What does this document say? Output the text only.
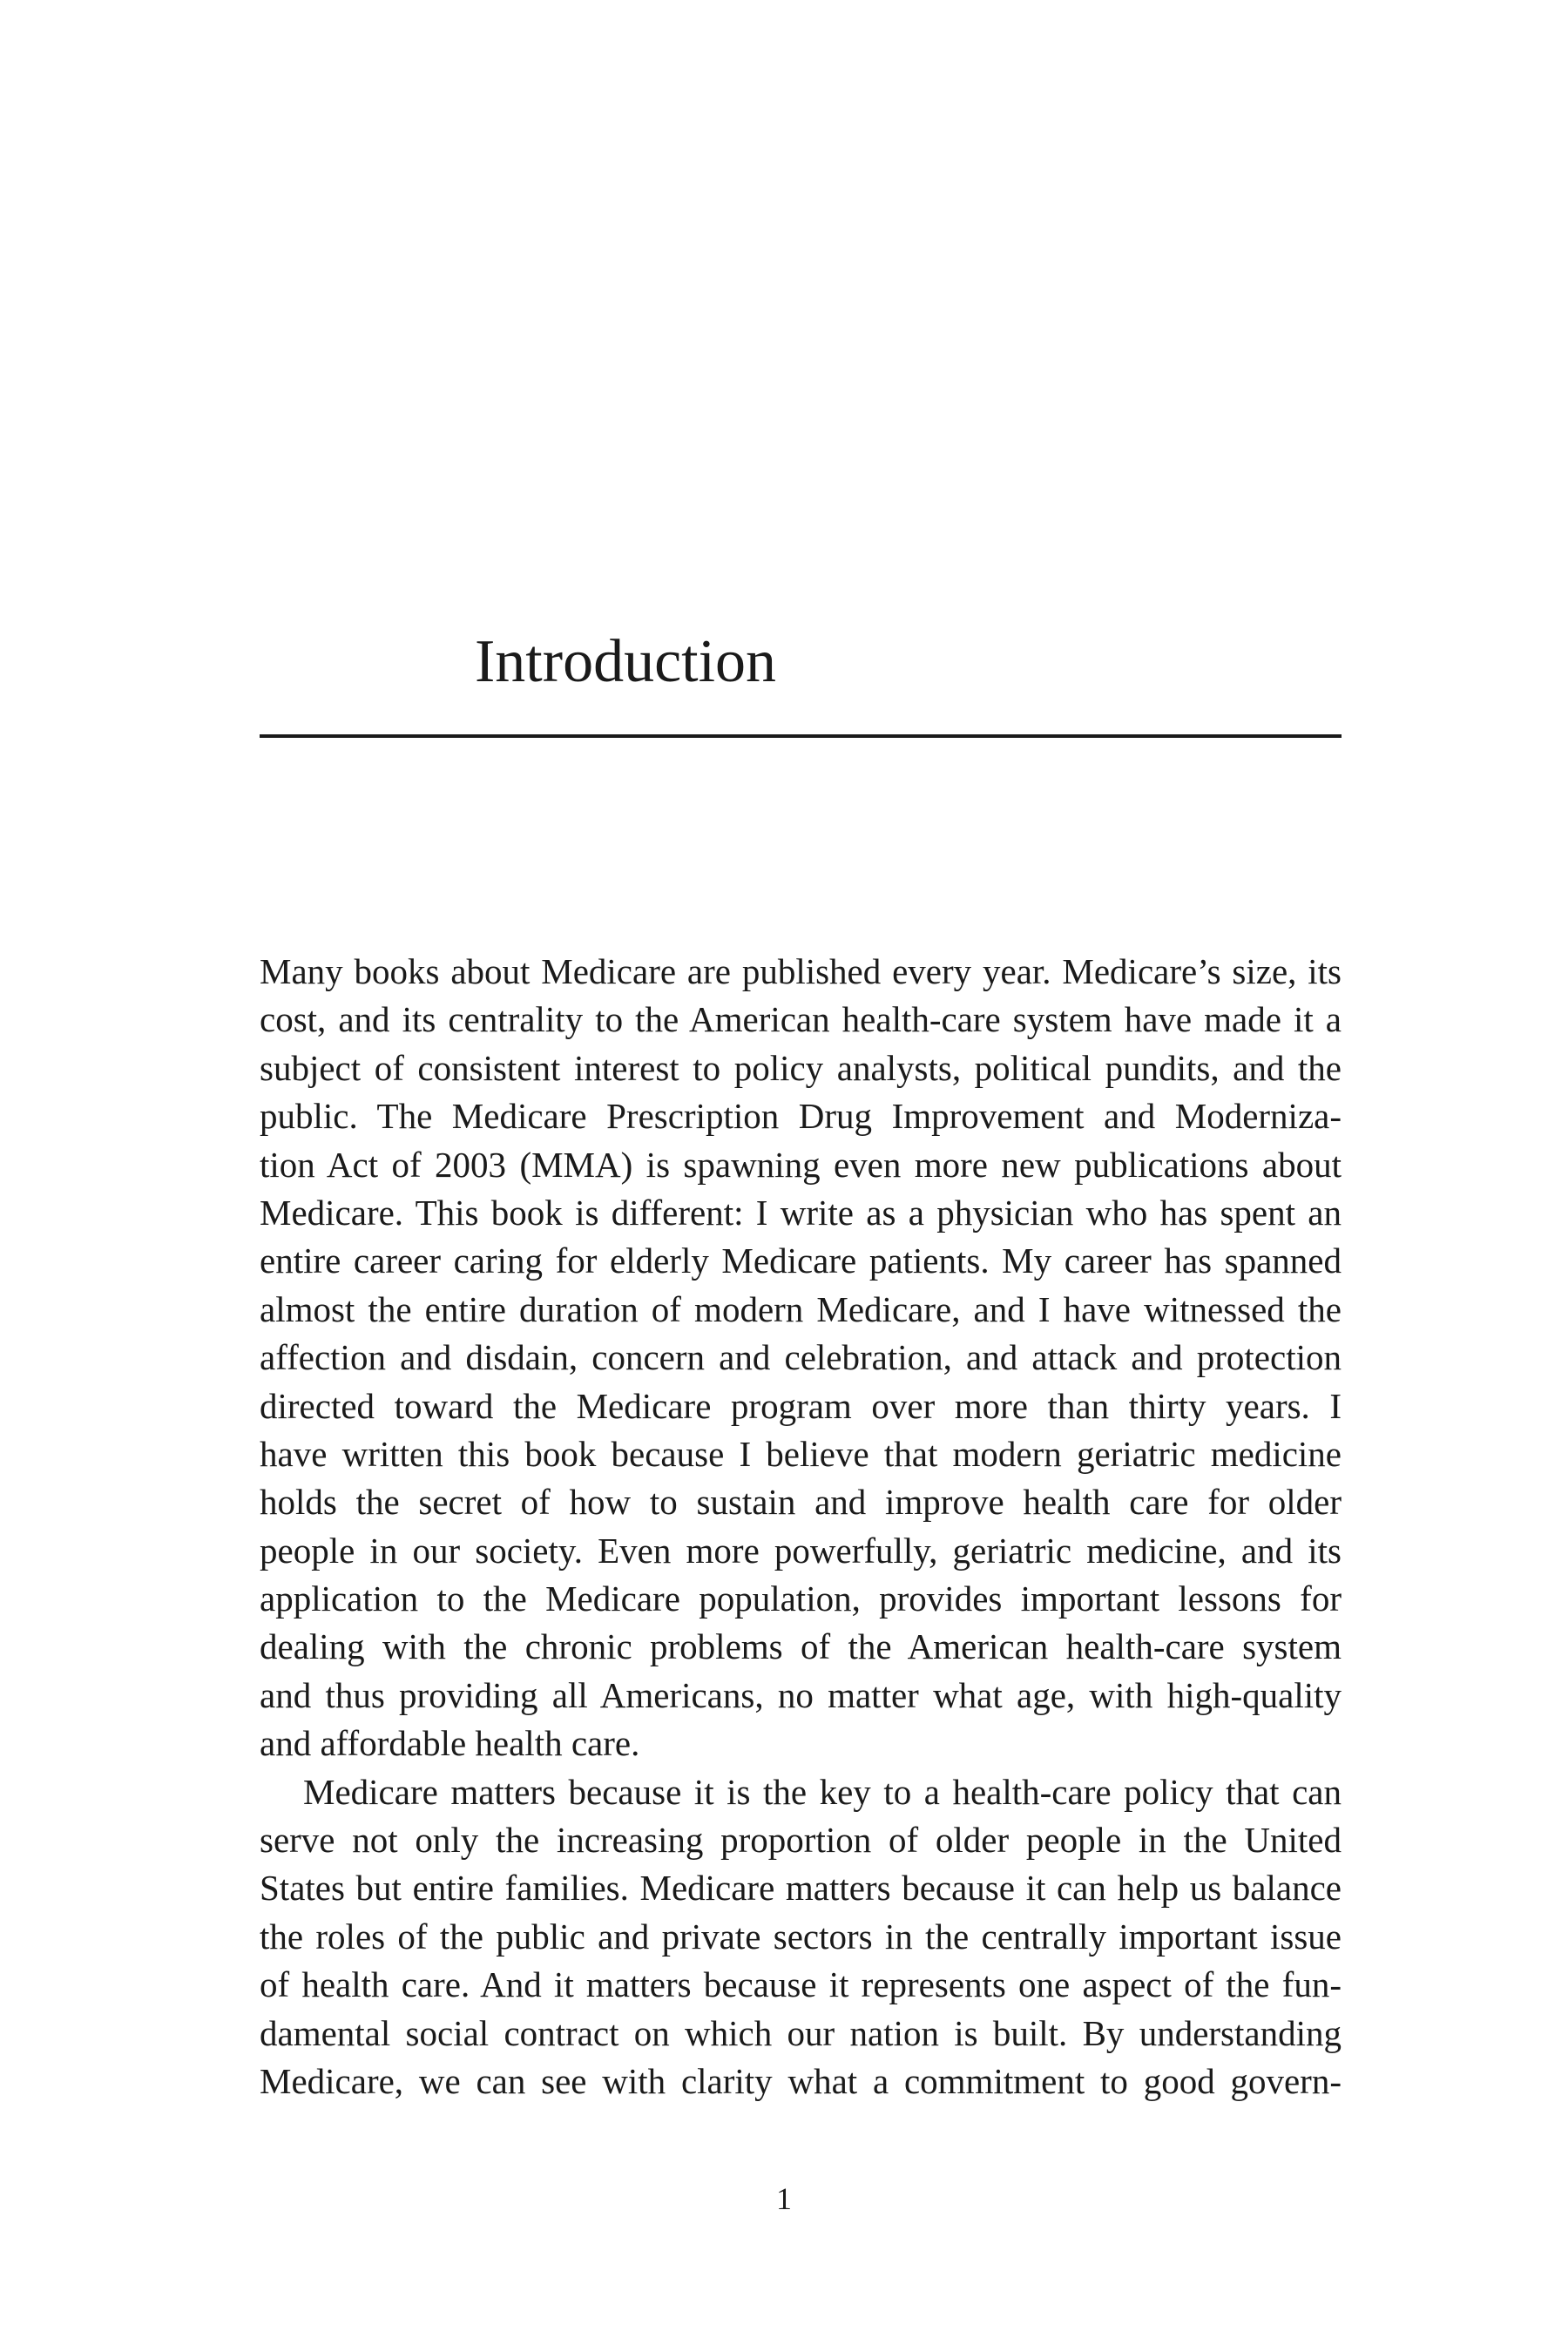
Introduction
Many books about Medicare are published every year. Medicare’s size, its
cost, and its centrality to the American health-care system have made it a
subject of consistent interest to policy analysts, political pundits, and the
public. The Medicare Prescription Drug Improvement and Moderniza-
tion Act of 2003 (MMA) is spawning even more new publications about
Medicare. This book is different: I write as a physician who has spent an
entire career caring for elderly Medicare patients. My career has spanned
almost the entire duration of modern Medicare, and I have witnessed the
affection and disdain, concern and celebration, and attack and protection
directed toward the Medicare program over more than thirty years. I
have written this book because I believe that modern geriatric medicine
holds the secret of how to sustain and improve health care for older
people in our society. Even more powerfully, geriatric medicine, and its
application to the Medicare population, provides important lessons for
dealing with the chronic problems of the American health-care system
and thus providing all Americans, no matter what age, with high-quality
and affordable health care.
Medicare matters because it is the key to a health-care policy that can
serve not only the increasing proportion of older people in the United
States but entire families. Medicare matters because it can help us balance
the roles of the public and private sectors in the centrally important issue
of health care. And it matters because it represents one aspect of the fun-
damental social contract on which our nation is built. By understanding
Medicare, we can see with clarity what a commitment to good govern-

1
